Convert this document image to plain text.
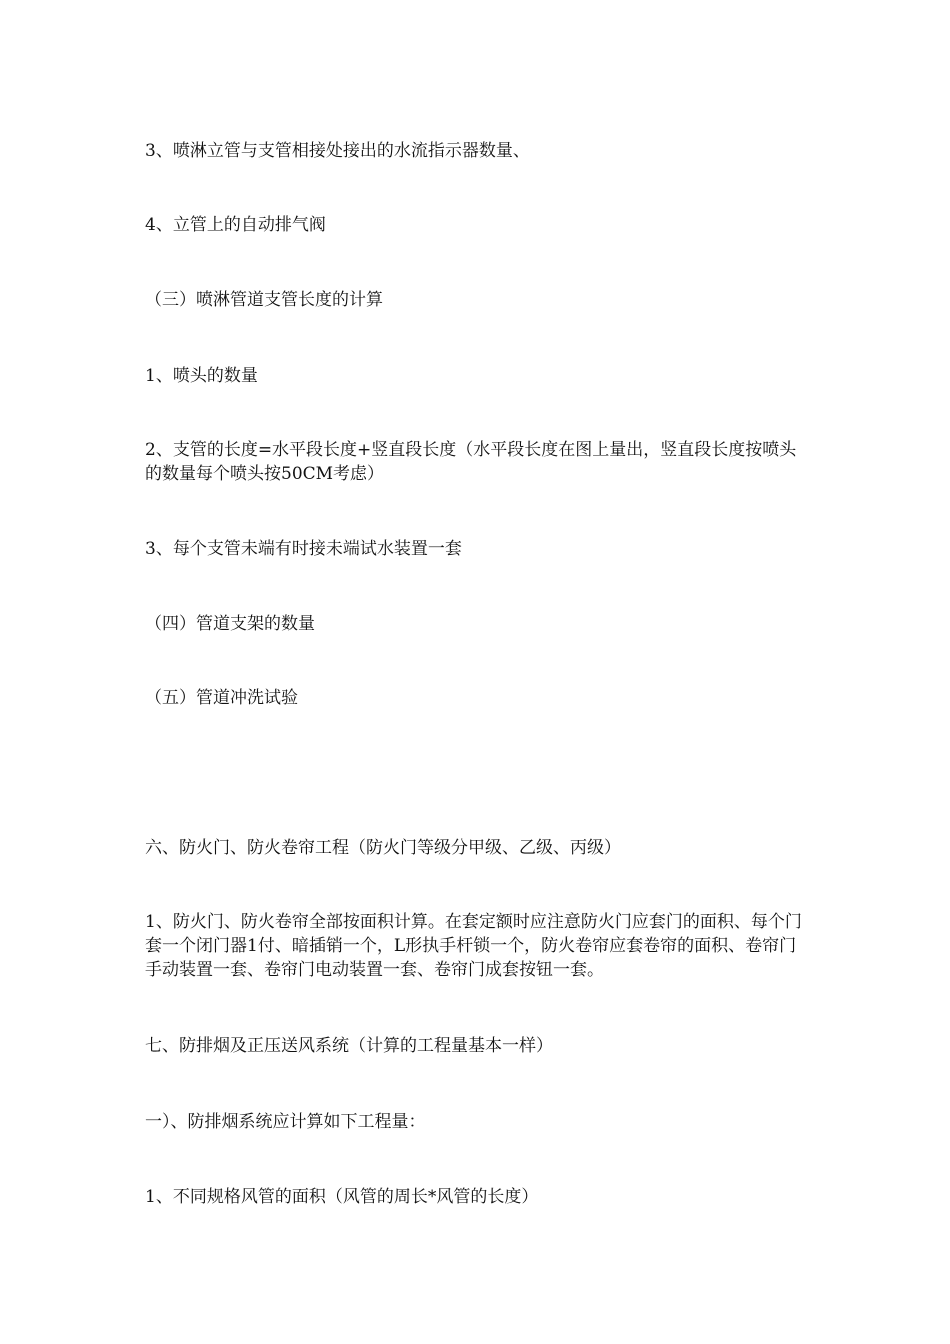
3、喷淋立管与支管相接处接出的水流指示器数量、

4、立管上的自动排气阀

（三）喷淋管道支管长度的计算

1、喷头的数量

2、支管的长度=水平段长度+竖直段长度（水平段长度在图上量出，竖直段长度按喷头的数量每个喷头按50CM考虑）

3、每个支管未端有时接未端试水装置一套

（四）管道支架的数量

（五）管道冲洗试验

六、防火门、防火卷帘工程（防火门等级分甲级、乙级、丙级）

1、防火门、防火卷帘全部按面积计算。在套定额时应注意防火门应套门的面积、每个门套一个闭门器1付、暗插销一个，L形执手杆锁一个，防火卷帘应套卷帘的面积、卷帘门手动装置一套、卷帘门电动装置一套、卷帘门成套按钮一套。

七、防排烟及正压送风系统（计算的工程量基本一样）

一）、防排烟系统应计算如下工程量：

1、不同规格风管的面积（风管的周长*风管的长度）
